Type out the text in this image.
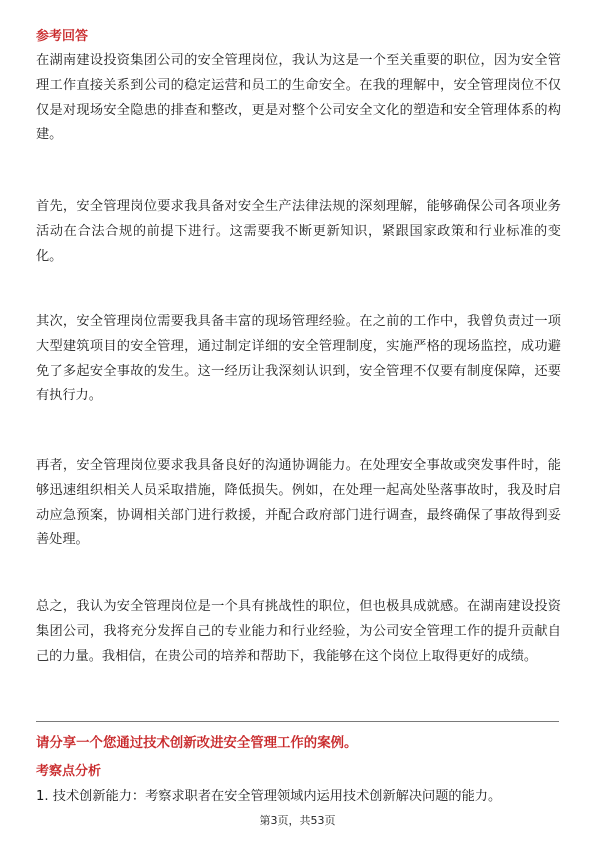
参考回答
在湖南建设投资集团公司的安全管理岗位，我认为这是一个至关重要的职位，因为安全管理工作直接关系到公司的稳定运营和员工的生命安全。在我的理解中，安全管理岗位不仅仅是对现场安全隐患的排查和整改，更是对整个公司安全文化的塑造和安全管理体系的构建。
首先，安全管理岗位要求我具备对安全生产法律法规的深刻理解，能够确保公司各项业务活动在合法合规的前提下进行。这需要我不断更新知识，紧跟国家政策和行业标准的变化。
其次，安全管理岗位需要我具备丰富的现场管理经验。在之前的工作中，我曾负责过一项大型建筑项目的安全管理，通过制定详细的安全管理制度，实施严格的现场监控，成功避免了多起安全事故的发生。这一经历让我深刻认识到，安全管理不仅要有制度保障，还要有执行力。
再者，安全管理岗位要求我具备良好的沟通协调能力。在处理安全事故或突发事件时，能够迅速组织相关人员采取措施，降低损失。例如，在处理一起高处坠落事故时，我及时启动应急预案，协调相关部门进行救援，并配合政府部门进行调查，最终确保了事故得到妥善处理。
总之，我认为安全管理岗位是一个具有挑战性的职位，但也极具成就感。在湖南建设投资集团公司，我将充分发挥自己的专业能力和行业经验，为公司安全管理工作的提升贡献自己的力量。我相信，在贵公司的培养和帮助下，我能够在这个岗位上取得更好的成绩。
请分享一个您通过技术创新改进安全管理工作的案例。
考察点分析
1. 技术创新能力：考察求职者在安全管理领域内运用技术创新解决问题的能力。
第3页，共53页
